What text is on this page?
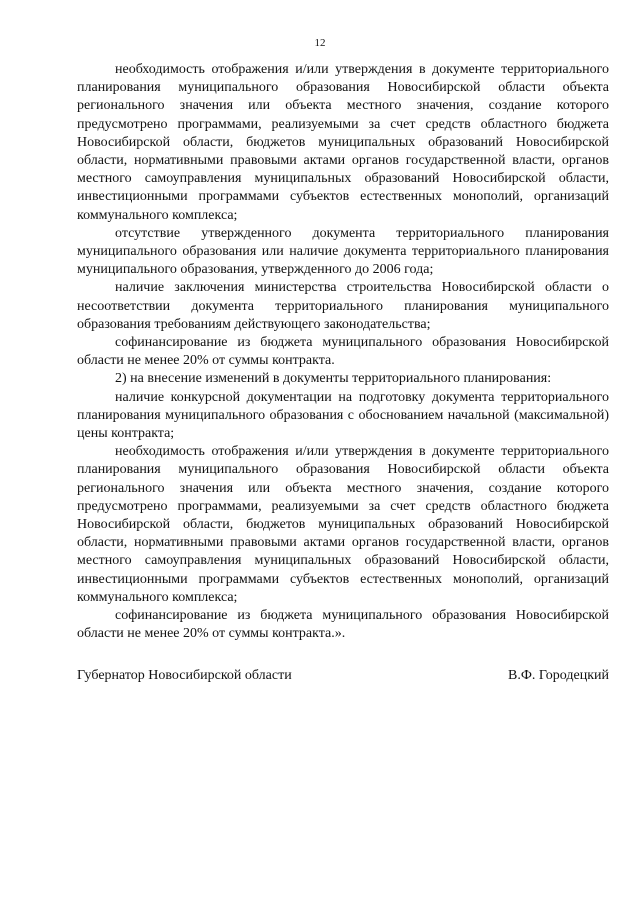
12

необходимость отображения и/или утверждения в документе территориального планирования муниципального образования Новосибирской области объекта регионального значения или объекта местного значения, создание которого предусмотрено программами, реализуемыми за счет средств областного бюджета Новосибирской области, бюджетов муниципальных образований Новосибирской области, нормативными правовыми актами органов государственной власти, органов местного самоуправления муниципальных образований Новосибирской области, инвестиционными программами субъектов естественных монополий, организаций коммунального комплекса;

отсутствие утвержденного документа территориального планирования муниципального образования или наличие документа территориального планирования муниципального образования, утвержденного до 2006 года;

наличие заключения министерства строительства Новосибирской области о несоответствии документа территориального планирования муниципального образования требованиям действующего законодательства;

софинансирование из бюджета муниципального образования Новосибирской области не менее 20% от суммы контракта.

2) на внесение изменений в документы территориального планирования:

наличие конкурсной документации на подготовку документа территориального планирования муниципального образования с обоснованием начальной (максимальной) цены контракта;

необходимость отображения и/или утверждения в документе территориального планирования муниципального образования Новосибирской области объекта регионального значения или объекта местного значения, создание которого предусмотрено программами, реализуемыми за счет средств областного бюджета Новосибирской области, бюджетов муниципальных образований Новосибирской области, нормативными правовыми актами органов государственной власти, органов местного самоуправления муниципальных образований Новосибирской области, инвестиционными программами субъектов естественных монополий, организаций коммунального комплекса;

софинансирование из бюджета муниципального образования Новосибирской области не менее 20% от суммы контракта.».

Губернатор Новосибирской области	В.Ф. Городецкий
